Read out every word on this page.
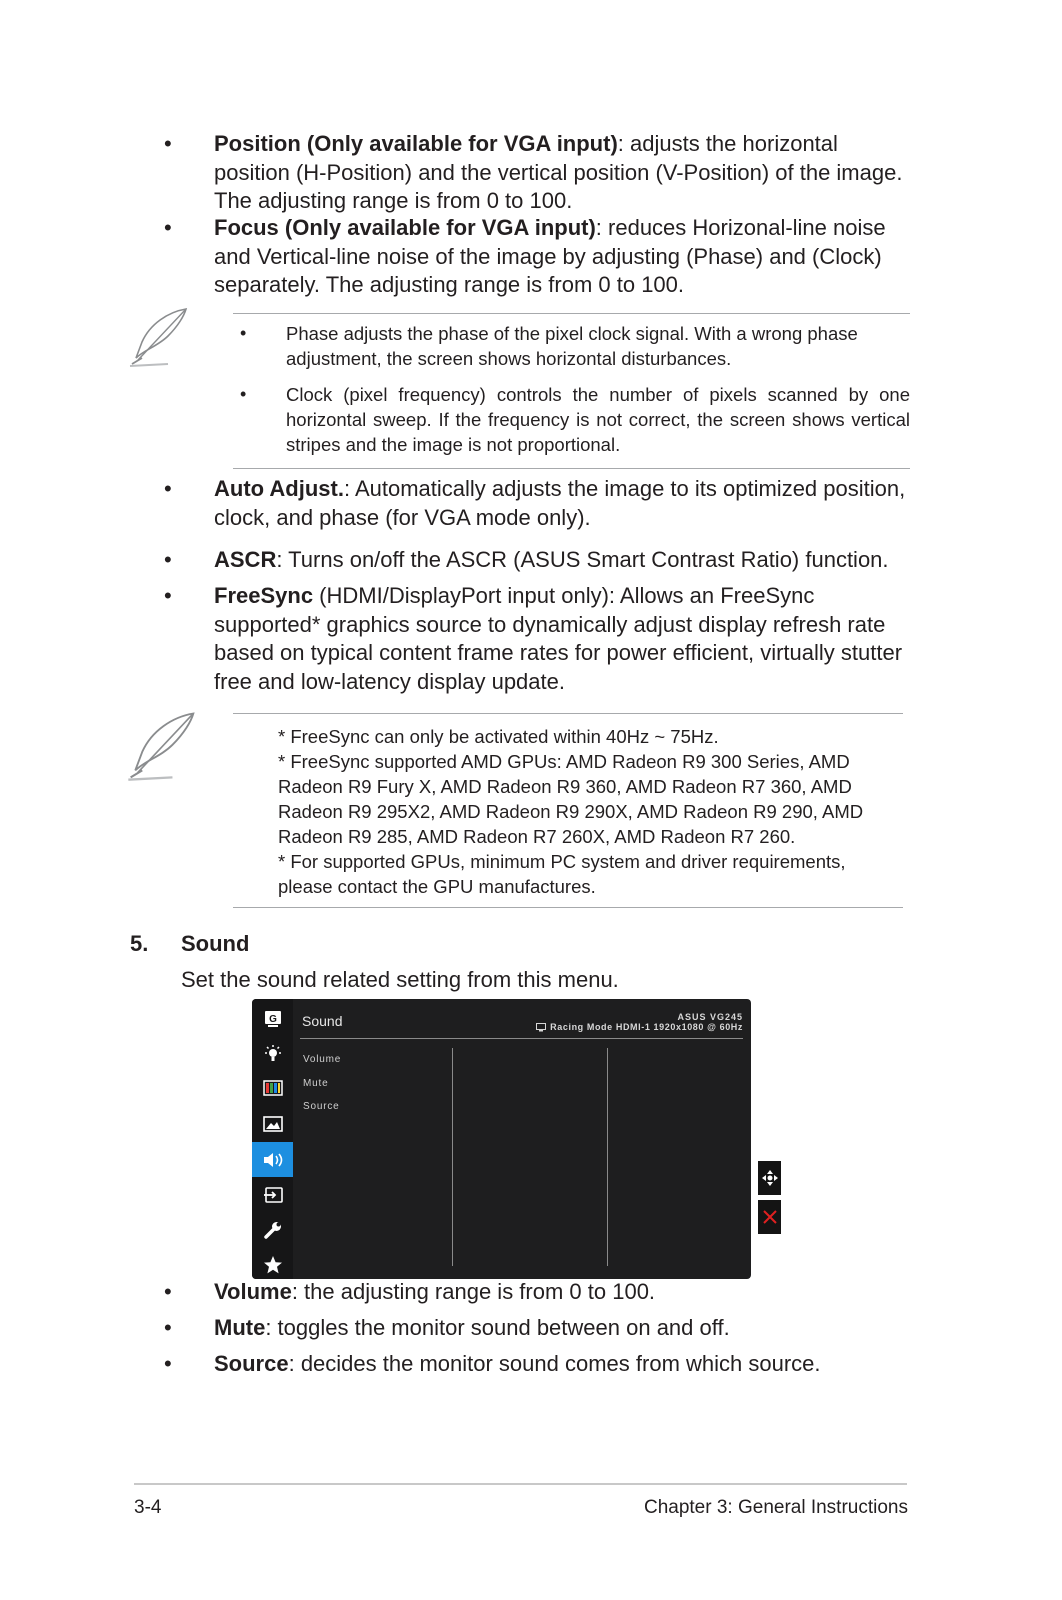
• Position (Only available for VGA input): adjusts the horizontal position (H-Position) and the vertical position (V-Position) of the image. The adjusting range is from 0 to 100.
• Focus (Only available for VGA input): reduces Horizonal-line noise and Vertical-line noise of the image by adjusting (Phase) and (Clock) separately. The adjusting range is from 0 to 100.
• Phase adjusts the phase of the pixel clock signal. With a wrong phase adjustment, the screen shows horizontal disturbances.
• Clock (pixel frequency) controls the number of pixels scanned by one horizontal sweep. If the frequency is not correct, the screen shows vertical stripes and the image is not proportional.
• Auto Adjust.: Automatically adjusts the image to its optimized position, clock, and phase (for VGA mode only).
• ASCR: Turns on/off the ASCR (ASUS Smart Contrast Ratio) function.
• FreeSync (HDMI/DisplayPort input only): Allows an FreeSync supported* graphics source to dynamically adjust display refresh rate based on typical content frame rates for power efficient, virtually stutter free and low-latency display update.
* FreeSync can only be activated within 40Hz ~ 75Hz.
* FreeSync supported AMD GPUs: AMD Radeon R9 300 Series, AMD Radeon R9 Fury X, AMD Radeon R9 360, AMD Radeon R7 360, AMD Radeon R9 295X2, AMD Radeon R9 290X, AMD Radeon R9 290, AMD Radeon R9 285, AMD Radeon R7 260X, AMD Radeon R7 260.
* For supported GPUs, minimum PC system and driver requirements, please contact the GPU manufactures.
5. Sound
Set the sound related setting from this menu.
G Sound	ASUS VG245
Racing Mode HDMI-1 1920x1080 @ 60Hz
Volume
Mute
Source
• Volume: the adjusting range is from 0 to 100.
• Mute: toggles the monitor sound between on and off.
• Source: decides the monitor sound comes from which source.
3-4	Chapter 3: General Instructions
